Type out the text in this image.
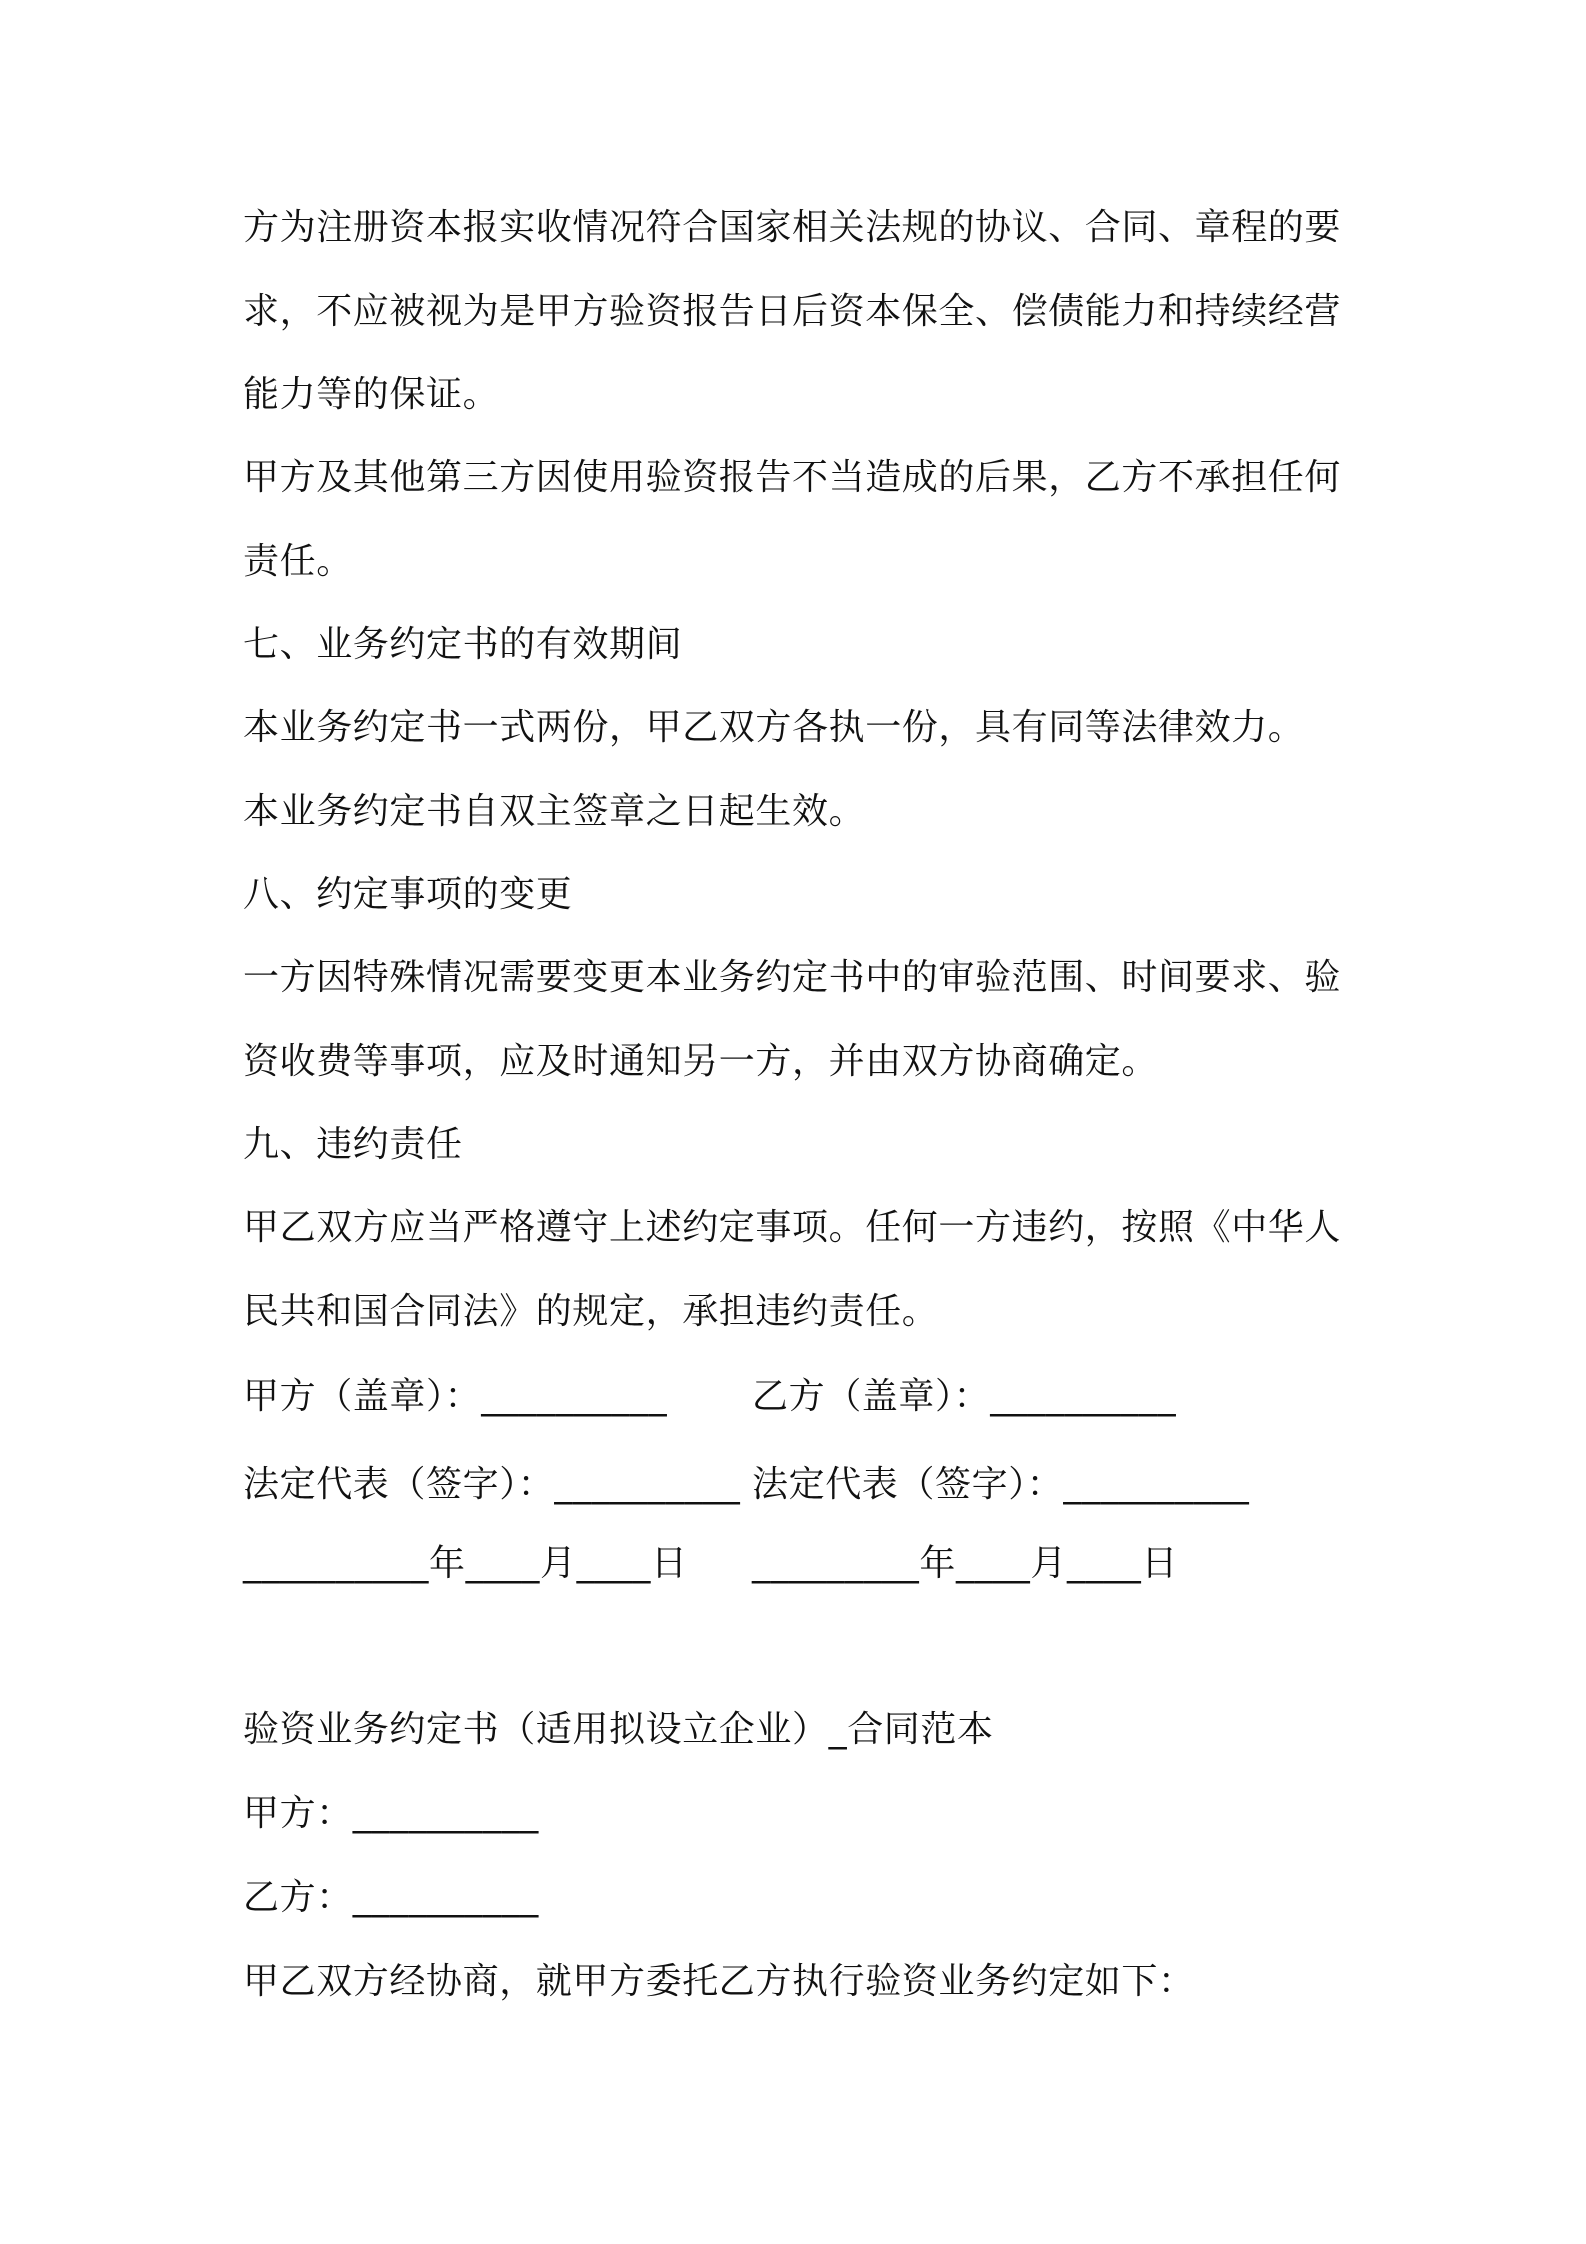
方为注册资本报实收情况符合国家相关法规的协议、合同、章程的要
求，不应被视为是甲方验资报告日后资本保全、偿债能力和持续经营
能力等的保证。
甲方及其他第三方因使用验资报告不当造成的后果，乙方不承担任何
责任。
七、业务约定书的有效期间
本业务约定书一式两份，甲乙双方各执一份，具有同等法律效力。
本业务约定书自双主签章之日起生效。
八、约定事项的变更
一方因特殊情况需要变更本业务约定书中的审验范围、时间要求、验
资收费等事项，应及时通知另一方，并由双方协商确定。
九、违约责任
甲乙双方应当严格遵守上述约定事项。任何一方违约，按照《中华人
民共和国合同法》的规定，承担违约责任。
甲方（盖章）：__________ 乙方（盖章）：__________
法定代表（签字）：__________ 法定代表（签字）：__________
__________年____月____日 _________年____月____日
验资业务约定书（适用拟设立企业）_合同范本
甲方：__________
乙方：__________
甲乙双方经协商，就甲方委托乙方执行验资业务约定如下：
